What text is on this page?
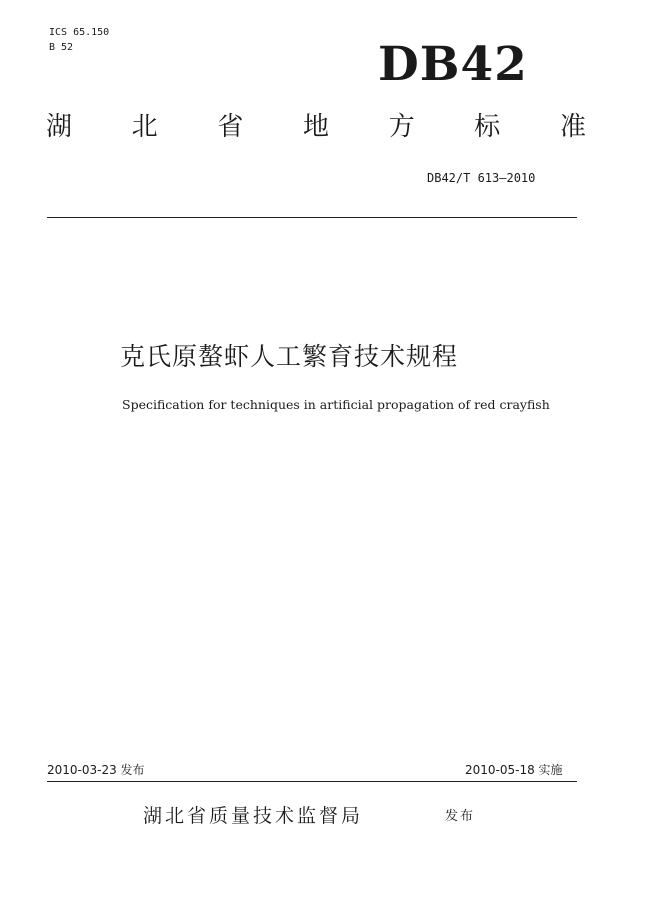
ICS 65.150
B 52	DB42
湖 北 省 地 方 标 准
DB42/T 613—2010
克氏原螯虾人工繁育技术规程
Specification for techniques in artificial propagation of red crayfish
2010-03-23 发布	2010-05-18 实施
湖北省质量技术监督局	发布
